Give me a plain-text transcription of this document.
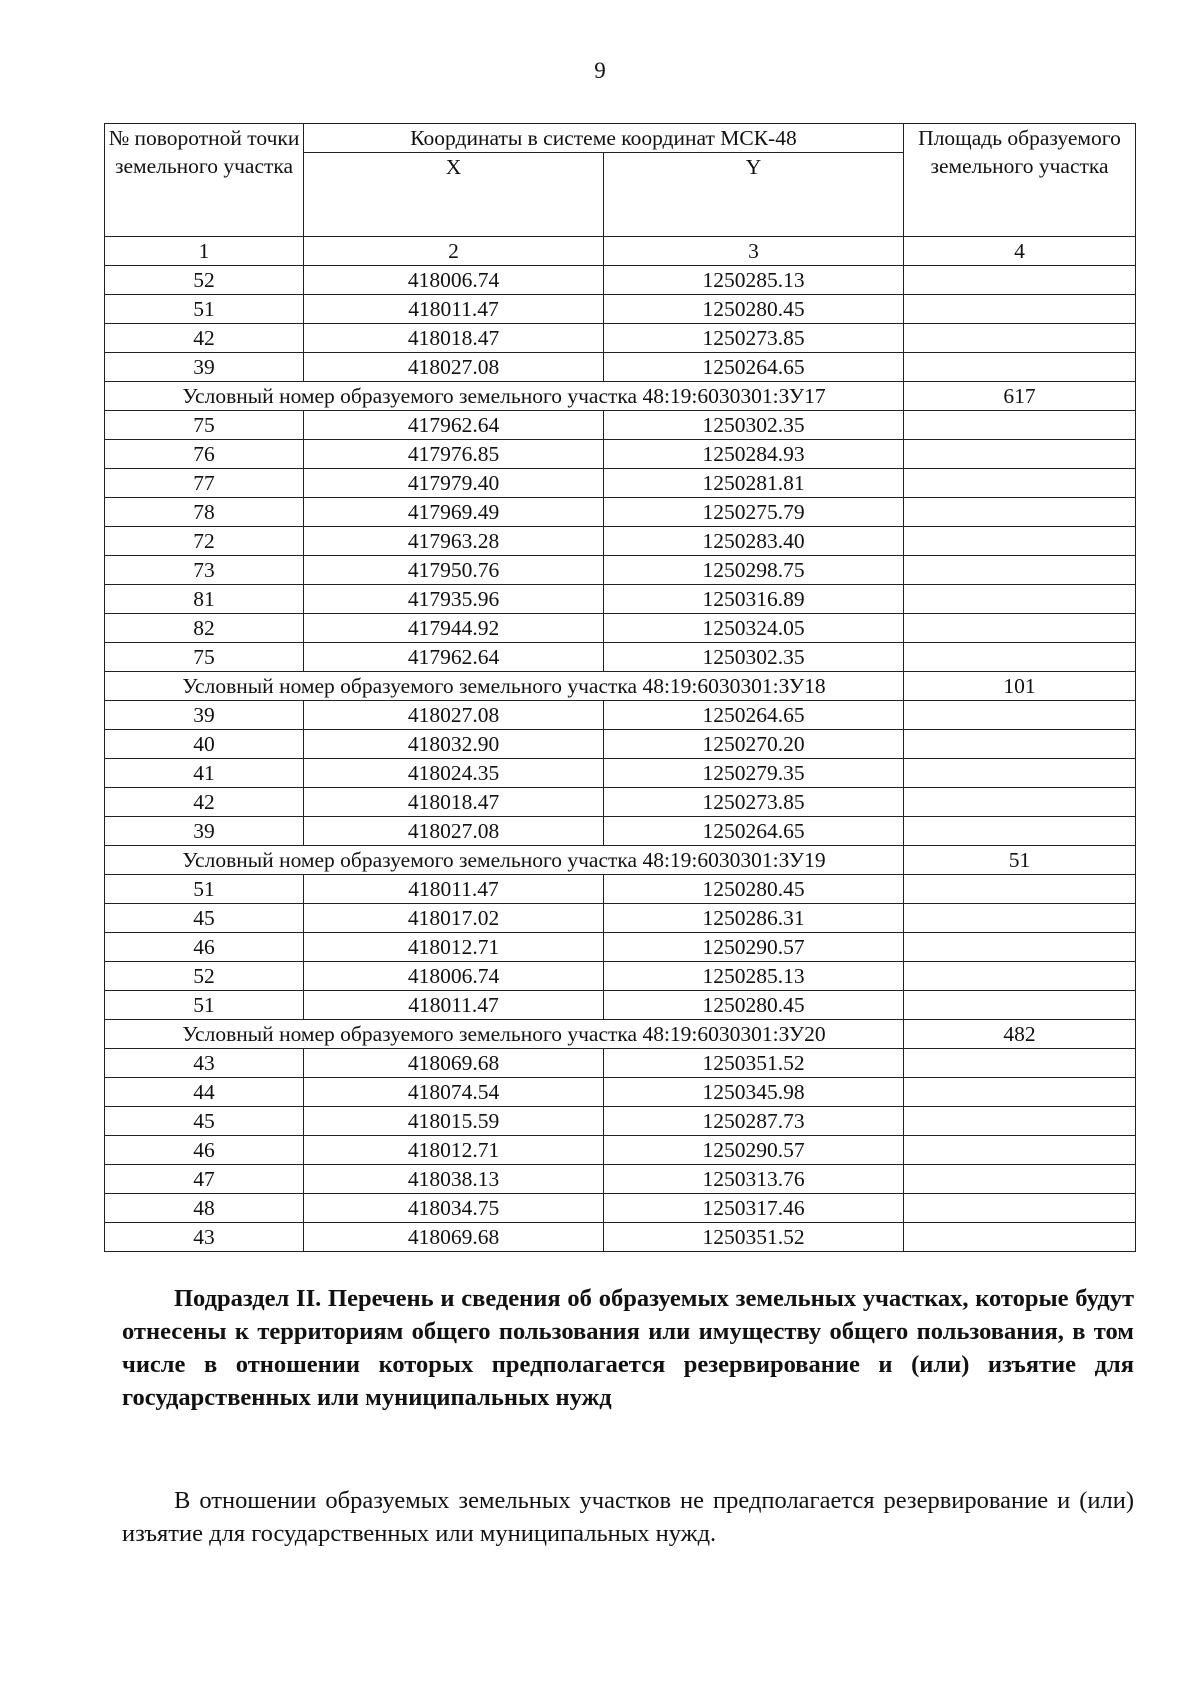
9
№ поворотной точки земельного участка	Координаты в системе координат МСК-48		Площадь образуемого земельного участка
	X	Y	
1	2	3	4
52	418006.74	1250285.13	
51	418011.47	1250280.45	
42	418018.47	1250273.85	
39	418027.08	1250264.65	
Условный номер образуемого земельного участка 48:19:6030301:ЗУ17			617
75	417962.64	1250302.35	
76	417976.85	1250284.93	
77	417979.40	1250281.81	
78	417969.49	1250275.79	
72	417963.28	1250283.40	
73	417950.76	1250298.75	
81	417935.96	1250316.89	
82	417944.92	1250324.05	
75	417962.64	1250302.35	
Условный номер образуемого земельного участка 48:19:6030301:ЗУ18			101
39	418027.08	1250264.65	
40	418032.90	1250270.20	
41	418024.35	1250279.35	
42	418018.47	1250273.85	
39	418027.08	1250264.65	
Условный номер образуемого земельного участка 48:19:6030301:ЗУ19			51
51	418011.47	1250280.45	
45	418017.02	1250286.31	
46	418012.71	1250290.57	
52	418006.74	1250285.13	
51	418011.47	1250280.45	
Условный номер образуемого земельного участка 48:19:6030301:ЗУ20			482
43	418069.68	1250351.52	
44	418074.54	1250345.98	
45	418015.59	1250287.73	
46	418012.71	1250290.57	
47	418038.13	1250313.76	
48	418034.75	1250317.46	
43	418069.68	1250351.52	
Подраздел II. Перечень и сведения об образуемых земельных участках, которые будут отнесены к территориям общего пользования или имуществу общего пользования, в том числе в отношении которых предполагается резервирование и (или) изъятие для государственных или муниципальных нужд
В отношении образуемых земельных участков не предполагается резервирование и (или) изъятие для государственных или муниципальных нужд.
